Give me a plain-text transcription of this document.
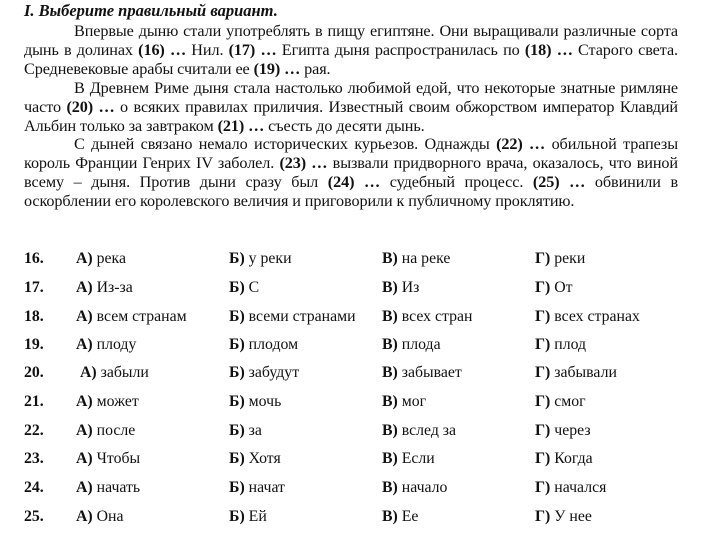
I. Выберите правильный вариант.

Впервые дыню стали употреблять в пищу египтяне. Они выращивали различные сорта дынь в долинах (16) … Нил. (17) … Египта дыня распространилась по (18) … Старого света. Средневековые арабы считали ее (19) … рая.

В Древнем Риме дыня стала настолько любимой едой, что некоторые знатные римляне часто (20) … о всяких правилах приличия. Известный своим обжорством император Клавдий Альбин только за завтраком (21) … съесть до десяти дынь.

С дыней связано немало исторических курьезов. Однажды (22) … обильной трапезы король Франции Генрих IV заболел. (23) … вызвали придворного врача, оказалось, что виной всему – дыня. Против дыни сразу был (24) … судебный процесс. (25) … обвинили в оскорблении его королевского величия и приговорили к публичному проклятию.

16. А) река	Б) у реки	В) на реке	Г) реки
17. А) Из-за	Б) С	В) Из	Г) От
18. А) всем странам	Б) всеми странами В) всех стран	Г) всех странах
19. А) плоду	Б) плодом	В) плода	Г) плод
20. А) забыли	Б) забудут	В) забывает	Г) забывали
21. А) может	Б) мочь	В) мог	Г) смог
22. А) после	Б) за	В) вслед за	Г) через
23. А) Чтобы	Б) Хотя	В) Если	Г) Когда
24. А) начать	Б) начат	В) начало	Г) начался
25. А) Она	Б) Ей	В) Ее	Г) У нее
